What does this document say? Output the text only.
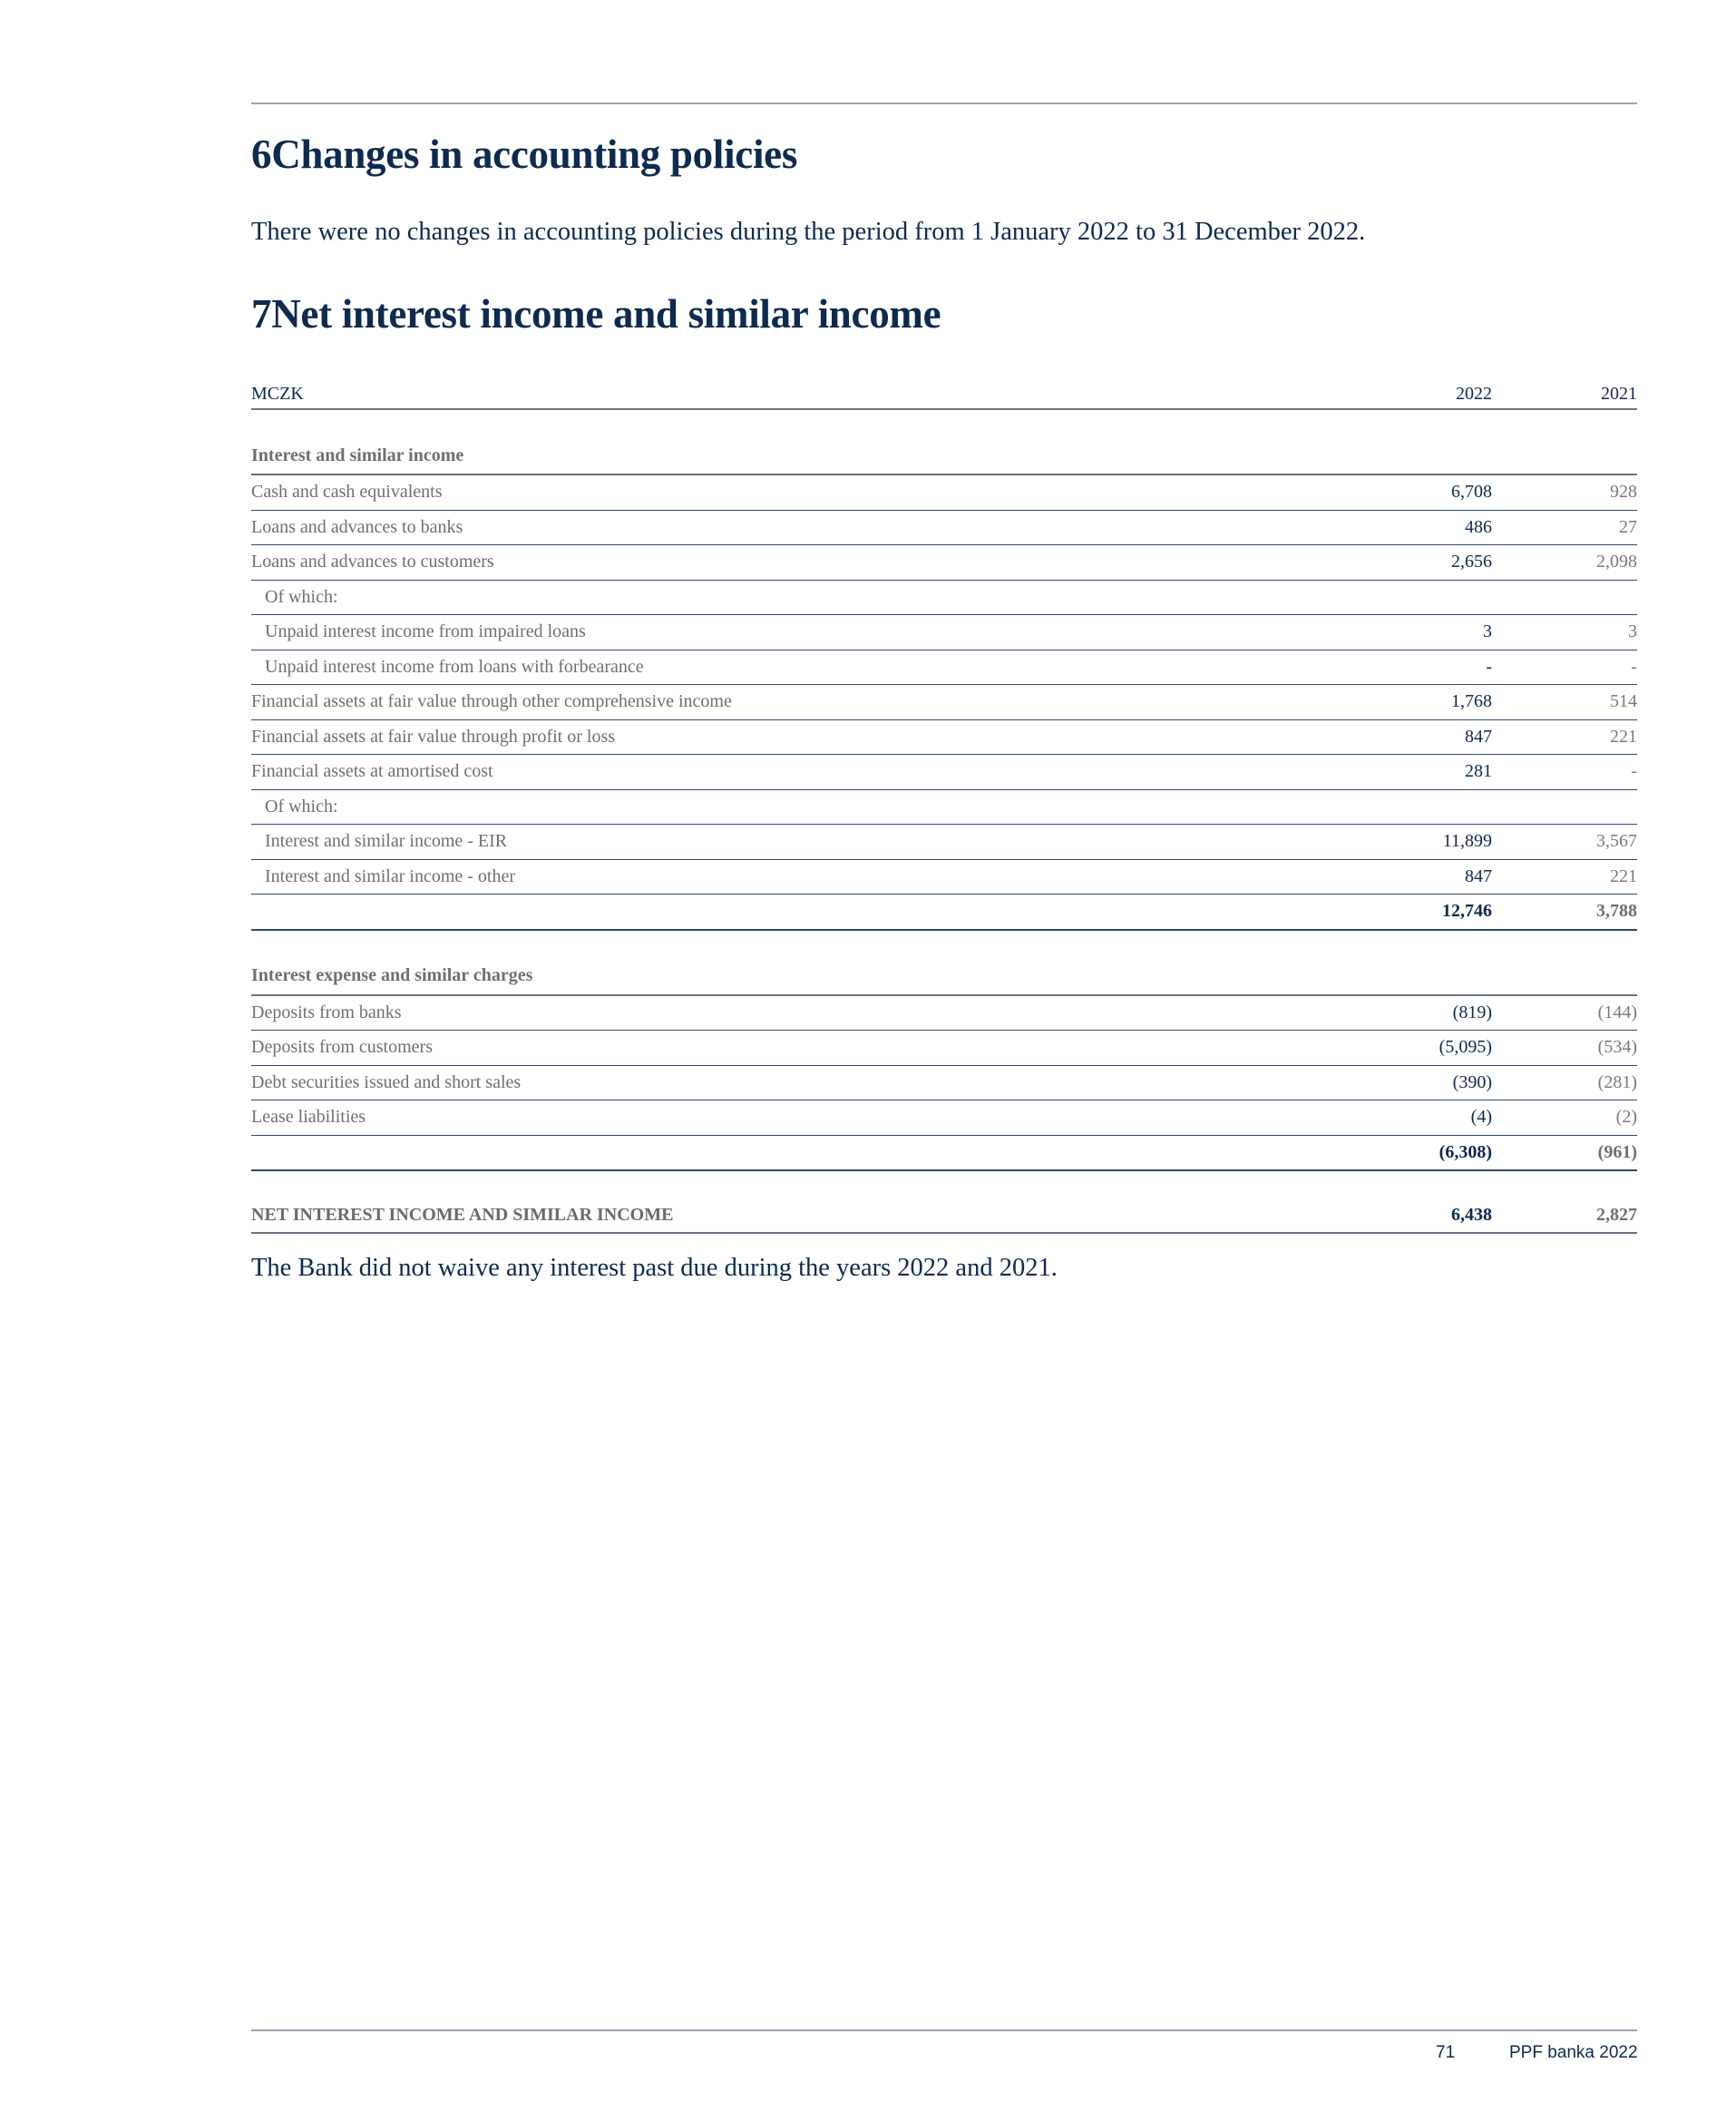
6Changes in accounting policies

There were no changes in accounting policies during the period from 1 January 2022 to 31 December 2022.

7Net interest income and similar income
MCZK	2022	2021

Interest and similar income		
Cash and cash equivalents	6,708	928
Loans and advances to banks	486	27
Loans and advances to customers	2,656	2,098
Of which:		
Unpaid interest income from impaired loans	3	3
Unpaid interest income from loans with forbearance	-	-
Financial assets at fair value through other comprehensive income	1,768	514
Financial assets at fair value through profit or loss	847	221
Financial assets at amortised cost	281	-
Of which:		
Interest and similar income - EIR	11,899	3,567
Interest and similar income - other	847	221
	12,746	3,788

Interest expense and similar charges		
Deposits from banks	(819)	(144)
Deposits from customers	(5,095)	(534)
Debt securities issued and short sales	(390)	(281)
Lease liabilities	(4)	(2)
	(6,308)	(961)

NET INTEREST INCOME AND SIMILAR INCOME	6,438	2,827

The Bank did not waive any interest past due during the years 2022 and 2021.

71	PPF banka 2022
